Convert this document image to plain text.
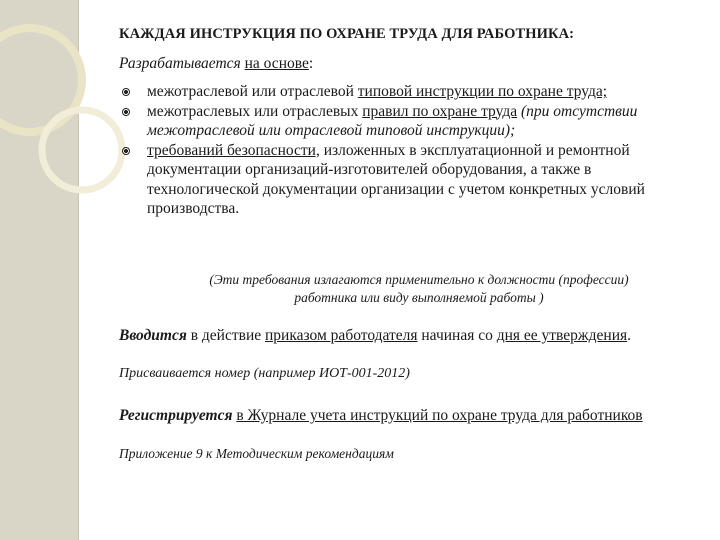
КАЖДАЯ ИНСТРУКЦИЯ ПО ОХРАНЕ ТРУДА ДЛЯ РАБОТНИКА:
Разрабатывается на основе:
межотраслевой или отраслевой типовой инструкции по охране труда;
межотраслевых или отраслевых правил по охране труда (при отсутствии межотраслевой или отраслевой типовой инструкции);
требований безопасности, изложенных в эксплуатационной и ремонтной документации организаций-изготовителей оборудования, а также в технологической документации организации с учетом конкретных условий производства.
(Эти требования излагаются применительно к должности (профессии)
работника или виду выполняемой работы )
Вводится в действие приказом работодателя начиная со дня ее утверждения.
Присваивается номер (например ИОТ-001-2012)
Регистрируется в Журнале учета инструкций по охране труда для работников
Приложение 9 к Методическим рекомендациям
